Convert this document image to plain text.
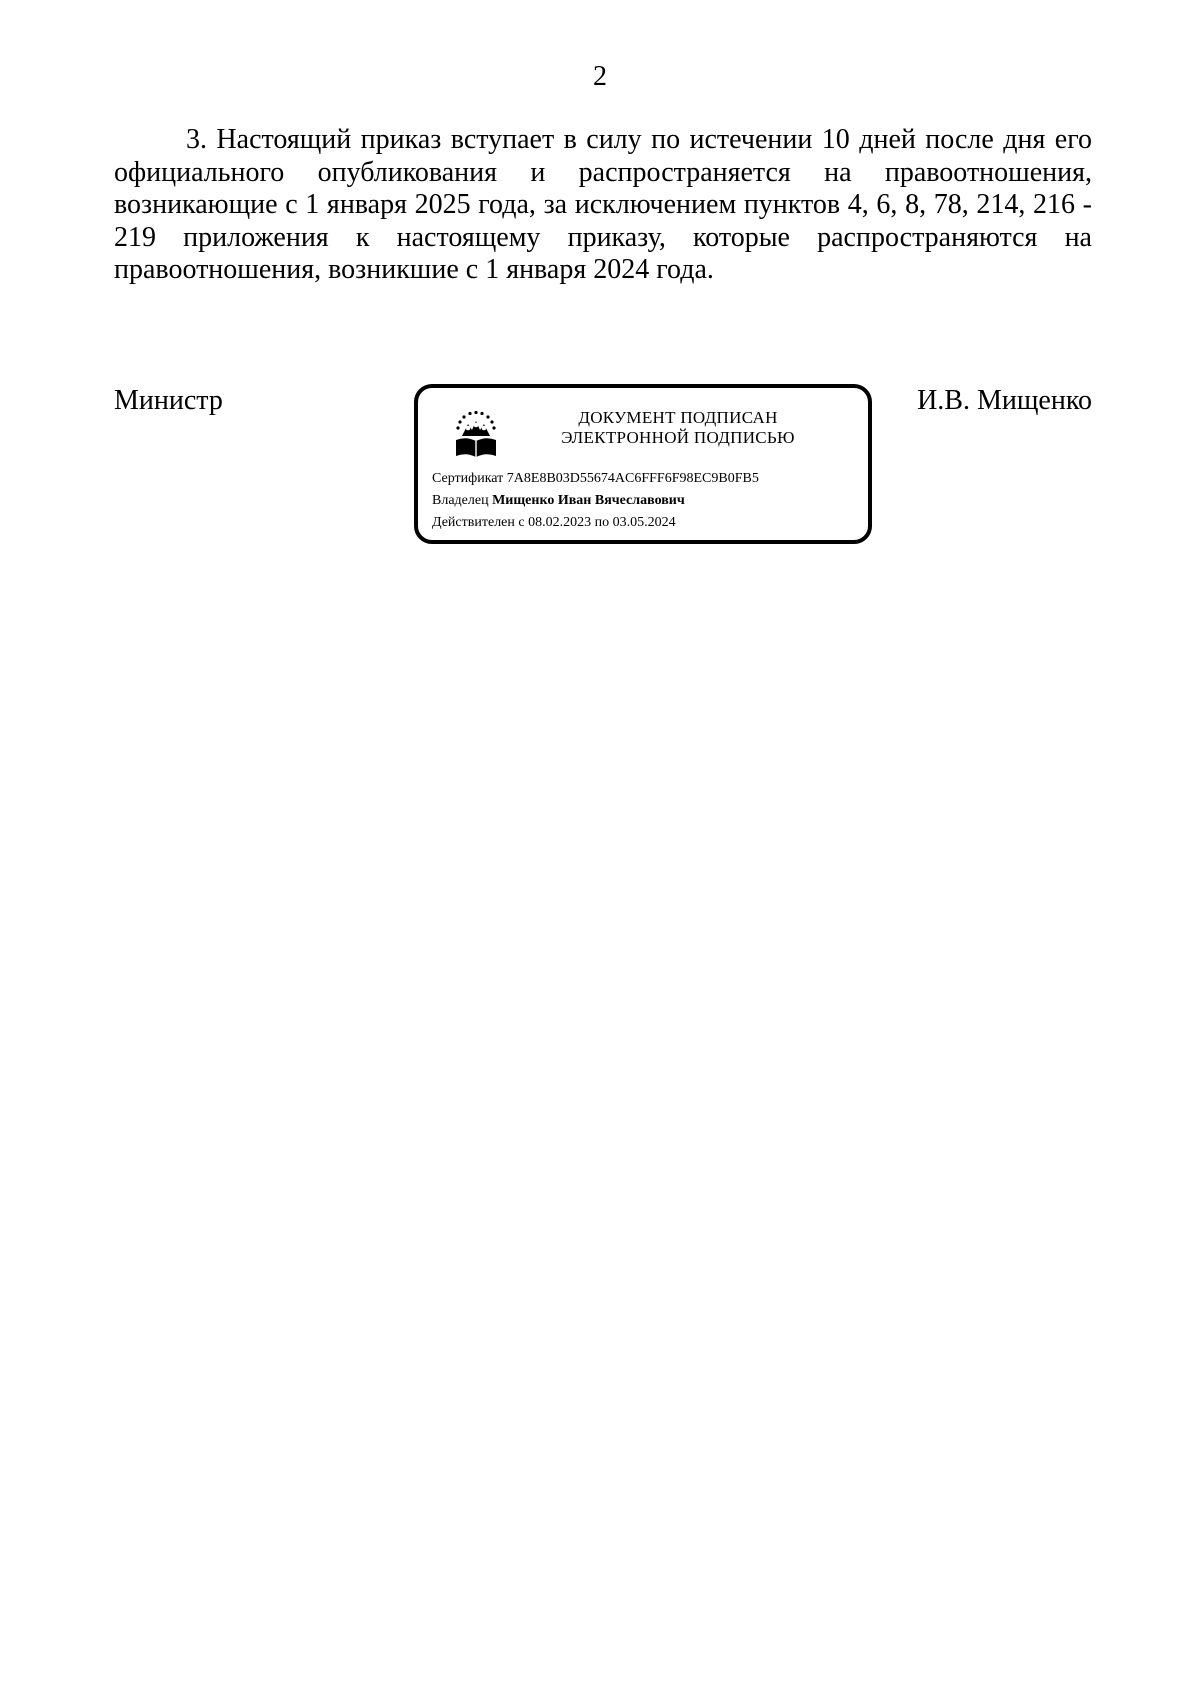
2

3. Настоящий приказ вступает в силу по истечении 10 дней после дня его официального опубликования и распространяется на правоотношения, возникающие с 1 января 2025 года, за исключением пунктов 4, 6, 8, 78, 214, 216 - 219 приложения к настоящему приказу, которые распространяются на правоотношения, возникшие с 1 января 2024 года.

Министр
ДОКУМЕНТ ПОДПИСАН
ЭЛЕКТРОННОЙ ПОДПИСЬЮ
Сертификат 7A8E8B03D55674AC6FFF6F98EC9B0FB5
Владелец Мищенко Иван Вячеславович
Действителен с 08.02.2023 по 03.05.2024
И.В. Мищенко
